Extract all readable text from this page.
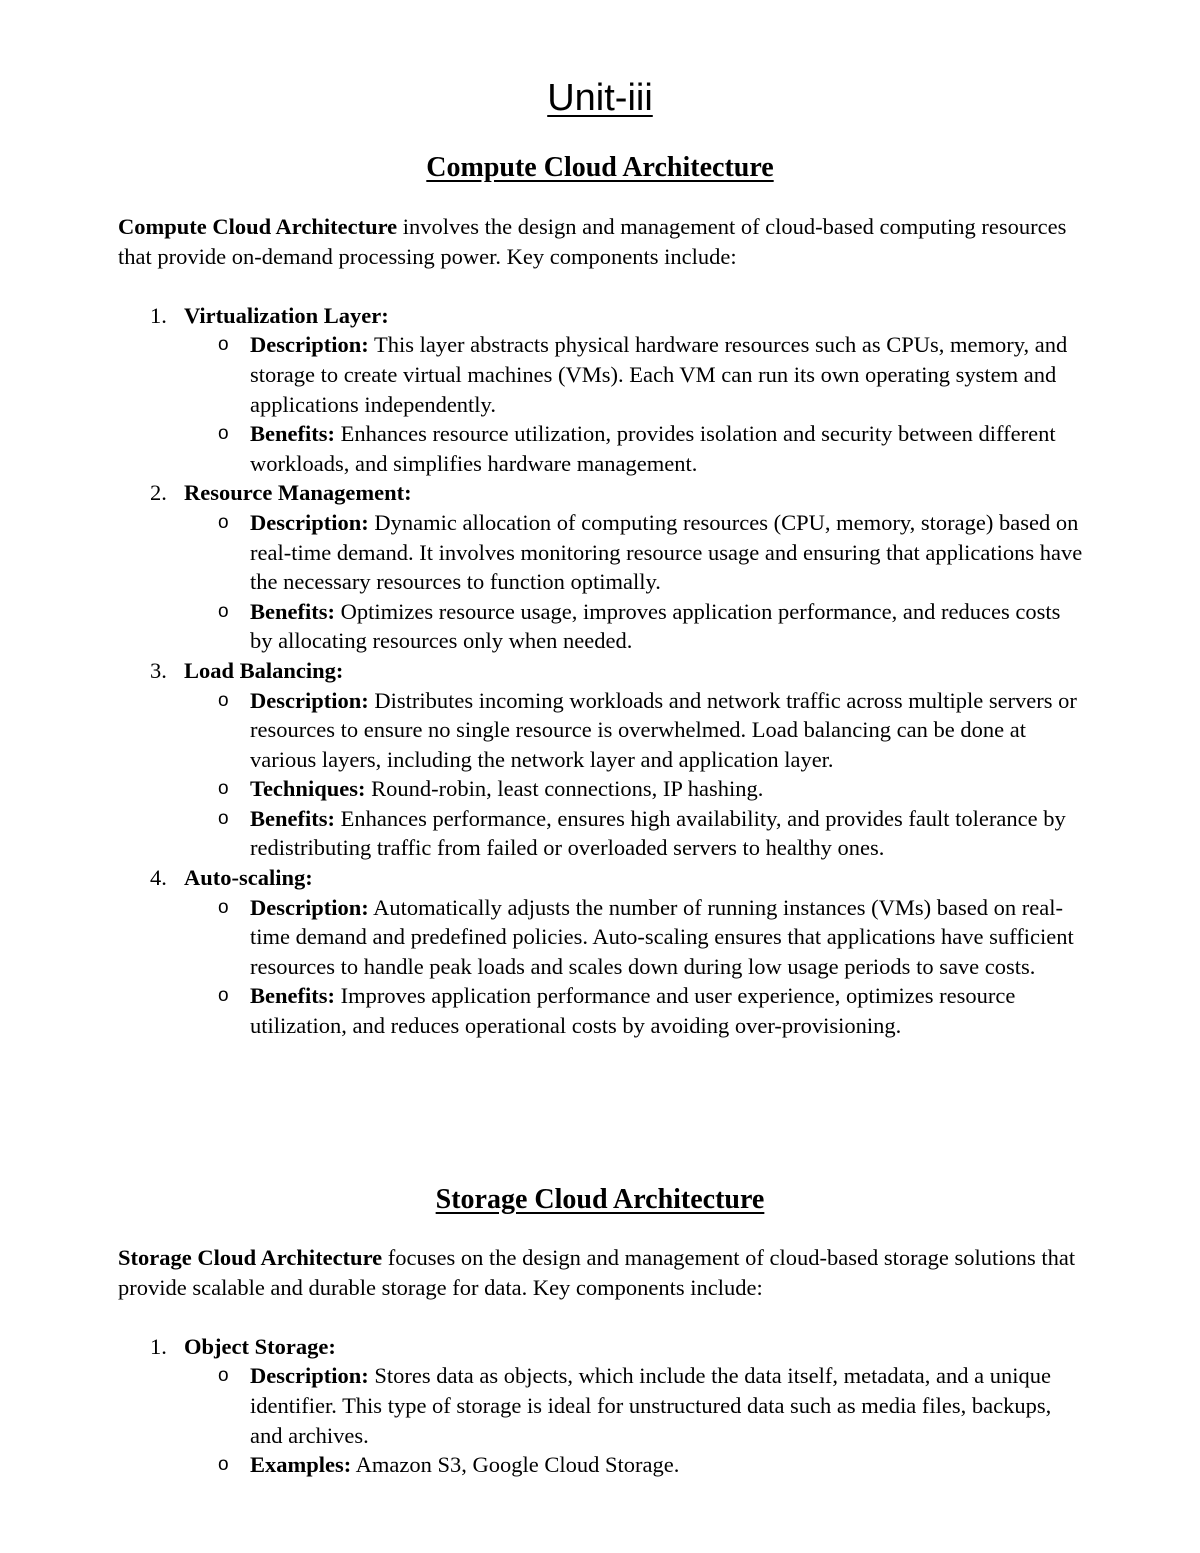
Unit-iii
Compute Cloud Architecture

Compute Cloud Architecture involves the design and management of cloud-based computing resources that provide on-demand processing power. Key components include:

1. Virtualization Layer:
o Description: This layer abstracts physical hardware resources such as CPUs, memory, and storage to create virtual machines (VMs). Each VM can run its own operating system and applications independently.
o Benefits: Enhances resource utilization, provides isolation and security between different workloads, and simplifies hardware management.
2. Resource Management:
o Description: Dynamic allocation of computing resources (CPU, memory, storage) based on real-time demand. It involves monitoring resource usage and ensuring that applications have the necessary resources to function optimally.
o Benefits: Optimizes resource usage, improves application performance, and reduces costs by allocating resources only when needed.
3. Load Balancing:
o Description: Distributes incoming workloads and network traffic across multiple servers or resources to ensure no single resource is overwhelmed. Load balancing can be done at various layers, including the network layer and application layer.
o Techniques: Round-robin, least connections, IP hashing.
o Benefits: Enhances performance, ensures high availability, and provides fault tolerance by redistributing traffic from failed or overloaded servers to healthy ones.
4. Auto-scaling:
o Description: Automatically adjusts the number of running instances (VMs) based on real-time demand and predefined policies. Auto-scaling ensures that applications have sufficient resources to handle peak loads and scales down during low usage periods to save costs.
o Benefits: Improves application performance and user experience, optimizes resource utilization, and reduces operational costs by avoiding over-provisioning.
Storage Cloud Architecture

Storage Cloud Architecture focuses on the design and management of cloud-based storage solutions that provide scalable and durable storage for data. Key components include:

1. Object Storage:
o Description: Stores data as objects, which include the data itself, metadata, and a unique identifier. This type of storage is ideal for unstructured data such as media files, backups, and archives.
o Examples: Amazon S3, Google Cloud Storage.
